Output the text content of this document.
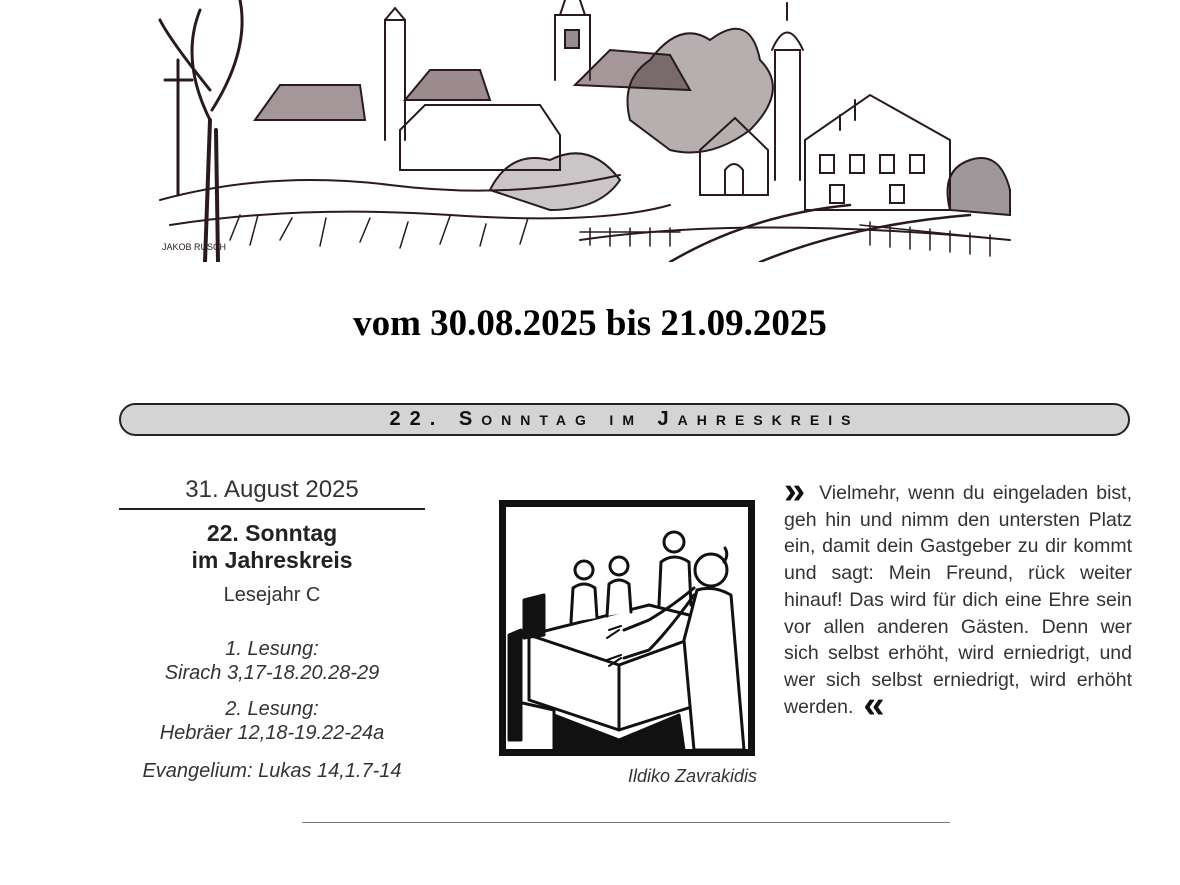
JAKOB RUSCH
vom 30.08.2025 bis 21.09.2025
22. Sonntag im Jahreskreis
31. August 2025
22. Sonntag
im Jahreskreis
Lesejahr C
1. Lesung:
Sirach 3,17-18.20.28-29
2. Lesung:
Hebräer 12,18-19.22-24a
Evangelium: Lukas 14,1.7-14	Ildiko Zavrakidis
» Vielmehr, wenn du eingeladen bist, geh hin und nimm den untersten Platz ein, damit dein Gastgeber zu dir kommt und sagt: Mein Freund, rück weiter hinauf! Das wird für dich eine Ehre sein vor allen anderen Gästen. Denn wer sich selbst erhöht, wird erniedrigt, und wer sich selbst erniedrigt, wird erhöht werden. «
